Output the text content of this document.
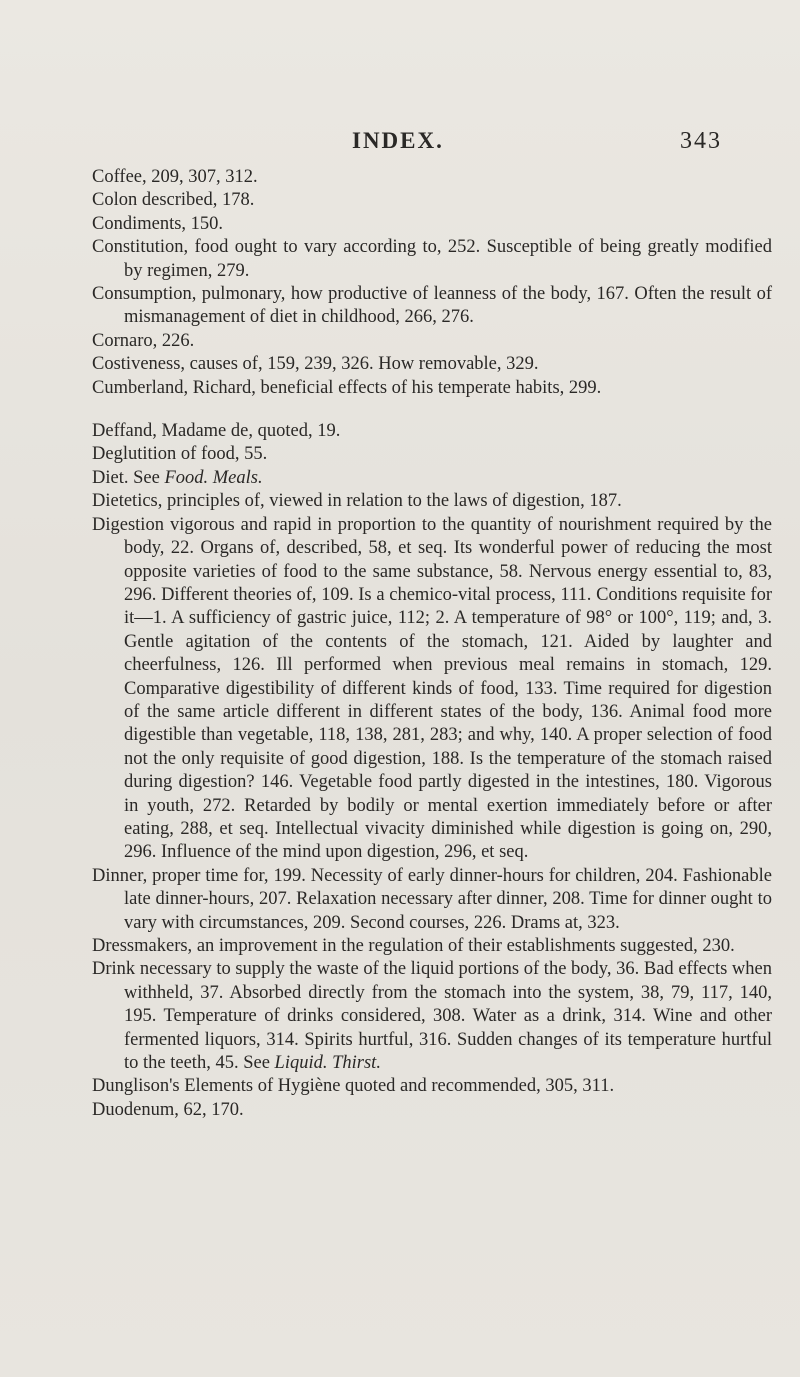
INDEX.	343

Coffee, 209, 307, 312.

Colon described, 178.

Condiments, 150.

Constitution, food ought to vary according to, 252. Susceptible of being greatly modified by regimen, 279.

Consumption, pulmonary, how productive of leanness of the body, 167. Often the result of mismanagement of diet in childhood, 266, 276.

Cornaro, 226.

Costiveness, causes of, 159, 239, 326. How removable, 329.

Cumberland, Richard, beneficial effects of his temperate habits, 299.

Deffand, Madame de, quoted, 19.

Deglutition of food, 55.

Diet. See Food. Meals.

Dietetics, principles of, viewed in relation to the laws of digestion, 187.

Digestion vigorous and rapid in proportion to the quantity of nourishment required by the body, 22. Organs of, described, 58, et seq. Its wonderful power of reducing the most opposite varieties of food to the same substance, 58. Nervous energy essential to, 83, 296. Different theories of, 109. Is a chemico-vital process, 111. Conditions requisite for it—1. A sufficiency of gastric juice, 112; 2. A temperature of 98° or 100°, 119; and, 3. Gentle agitation of the contents of the stomach, 121. Aided by laughter and cheerfulness, 126. Ill performed when previous meal remains in stomach, 129. Comparative digestibility of different kinds of food, 133. Time required for digestion of the same article different in different states of the body, 136. Animal food more digestible than vegetable, 118, 138, 281, 283; and why, 140. A proper selection of food not the only requisite of good digestion, 188. Is the temperature of the stomach raised during digestion? 146. Vegetable food partly digested in the intestines, 180. Vigorous in youth, 272. Retarded by bodily or mental exertion immediately before or after eating, 288, et seq. Intellectual vivacity diminished while digestion is going on, 290, 296. Influence of the mind upon digestion, 296, et seq.

Dinner, proper time for, 199. Necessity of early dinner-hours for children, 204. Fashionable late dinner-hours, 207. Relaxation necessary after dinner, 208. Time for dinner ought to vary with circumstances, 209. Second courses, 226. Drams at, 323.

Dressmakers, an improvement in the regulation of their establishments suggested, 230.

Drink necessary to supply the waste of the liquid portions of the body, 36. Bad effects when withheld, 37. Absorbed directly from the stomach into the system, 38, 79, 117, 140, 195. Temperature of drinks considered, 308. Water as a drink, 314. Wine and other fermented liquors, 314. Spirits hurtful, 316. Sudden changes of its temperature hurtful to the teeth, 45. See Liquid. Thirst.

Dunglison's Elements of Hygiène quoted and recommended, 305, 311.

Duodenum, 62, 170.
